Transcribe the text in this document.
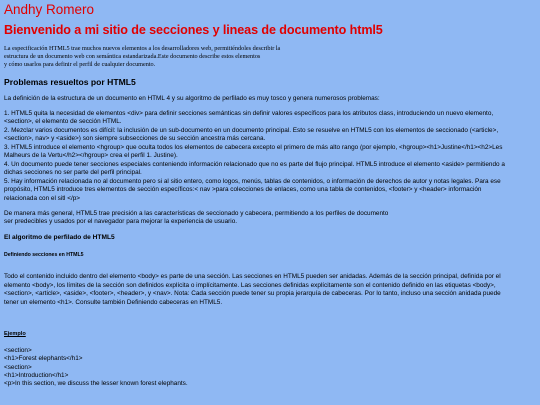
Andhy Romero
Bienvenido a mi sitio de secciones y lineas de documento html5
La especificación HTML5 trae muchos nuevos elementos a los desarrolladores web, permitiéndoles describir la
estructura de un documento web con semántica estandarizada.Este documento describe estos elementos
y cómo usarlos para definir el perfil de cualquier documento.
Problemas resueltos por HTML5

La definición de la estructura de un documento en HTML 4 y su algoritmo de perfilado es muy tosco y genera numerosos problemas:

1. HTML5 quita la necesidad de elementos <div> para definir secciones semánticas sin definir valores específicos para los atributos class, introduciendo un nuevo elemento,
<section>, el elemento de sección HTML.
2. Mezclar varios documentos es difícil: la inclusión de un sub-documento en un documento principal. Esto se resuelve en HTML5 con los elementos de seccionado (<article>,
<section>, nav> y <aside>) son siempre subsecciones de su sección ancestra más cercana.
3. HTML5 introduce el elemento <hgroup> que oculta todos los elementos de cabecera excepto el primero de más alto rango (por ejemplo, <hgroup><h1>Justine</h1><h2>Les
Malheurs de la Vertu</h2></hgroup> crea el perfil 1. Justine).
4. Un documento puede tener secciones especiales conteniendo información relacionado que no es parte del flujo principal. HTML5 introduce el elemento <aside> permitiendo a
dichas secciones no ser parte del perfil principal.
5. Hay información relacionada no al documento pero si al sitio entero, como logos, menús, tablas de contenidos, o información de derechos de autor y notas legales. Para ese
propósito, HTML5 introduce tres elementos de sección específicos:< nav >para colecciones de enlaces, como una tabla de contenidos, <footer> y <header> información
relacionada con el sitl </p>

De manera más general, HTML5 trae precisión a las características de seccionado y cabecera, permitiendo a los perfiles de documento
ser predecibles y usados por el navegador para mejorar la experiencia de usuario.

El algoritmo de perfilado de HTML5
Definiendo secciones en HTML5

Todo el contenido incluido dentro del elemento <body> es parte de una sección. Las secciones en HTML5 pueden ser anidadas. Además de la sección principal, definida por el
elemento <body>, los límites de la sección son definidos explícita o implícitamente. Las secciones definidas explícitamente son el contenido definido en las etiquetas <body>,
<section>, <article>, <aside>, <footer>, <header>, y <nav>. Nota: Cada sección puede tener su propia jerarquía de cabeceras. Por lo tanto, incluso una sección anidada puede
tener un elemento <h1>. Consulte también Definiendo cabeceras en HTML5.

Ejemplo
<section>
<h1>Forest elephants</h1>
<section>
<h1>Introduction</h1>
<p>In this section, we discuss the lesser known forest elephants.
